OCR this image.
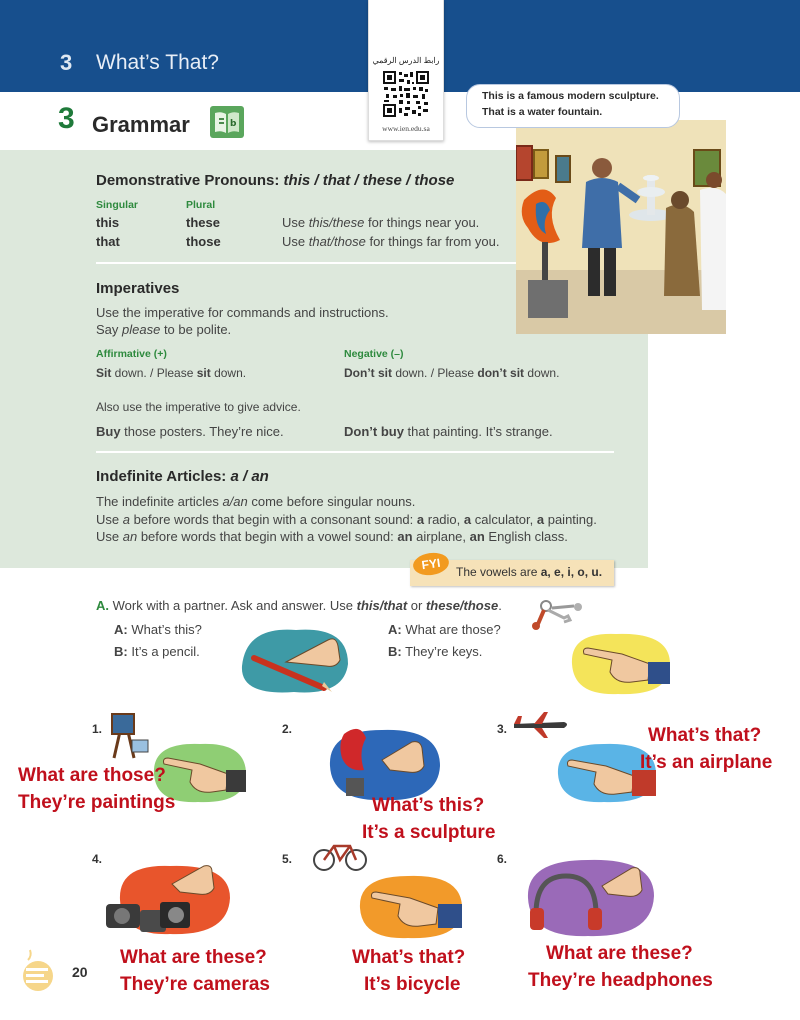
3 What’s That?	رابط الدرس الرقمي
www.ien.edu.sa
3 Grammar	b
Demonstrative Pronouns: this / that / these / those
Singular	Plural
this	these	Use this/these for things near you.
that	those	Use that/those for things far from you.
Imperatives
Use the imperative for commands and instructions.
Say please to be polite.
Affirmative (+)	Negative (–)
Sit down. / Please sit down.	Don’t sit down. / Please don’t sit down.
Also use the imperative to give advice.
Buy those posters. They’re nice.	Don’t buy that painting. It’s strange.
Indefinite Articles: a / an
The indefinite articles a/an come before singular nouns.
Use a before words that begin with a consonant sound: a radio, a calculator, a painting.
Use an before words that begin with a vowel sound: an airplane, an English class.
FYI	The vowels are a, e, i, o, u.
This is a famous modern sculpture.
That is a water fountain.
A. Work with a partner. Ask and answer. Use this/that or these/those.
A: What’s this?
B: It’s a pencil.
A: What are those?
B: They’re keys.
1.	2.	3.
4.	5.	6.
What are those?
They’re paintings	What’s this?
It’s a sculpture
What’s that?
It’s an airplane
What are these?
They’re cameras
What’s that?
It’s bicycle
What are these?
They’re headphones
20
